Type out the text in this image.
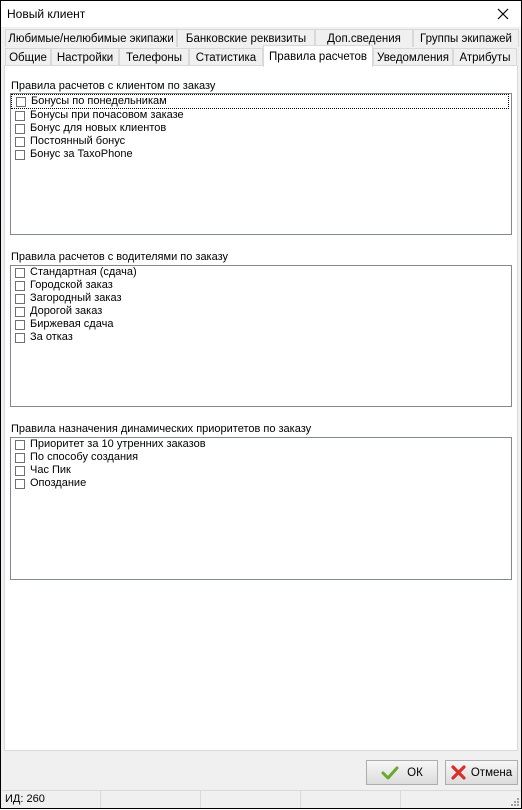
Новый клиент
Любимые/нелюбимые экипажи Банковские реквизиты Доп.сведения Группы экипажей
Общие Настройки Телефоны Статистика Правила расчетов Уведомления Атрибуты
Правила расчетов с клиентом по заказу
Бонусы по понедельникам
Бонусы при почасовом заказе
Бонус для новых клиентов
Постоянный бонус
Бонус за TaxoPhone
Правила расчетов с водителями по заказу
Стандартная (сдача)
Городской заказ
Загородный заказ
Дорогой заказ
Биржевая сдача
За отказ
Правила назначения динамических приоритетов по заказу
Приоритет за 10 утренних заказов
По способу создания
Час Пик
Опоздание
ОК	Отмена
ИД: 260
